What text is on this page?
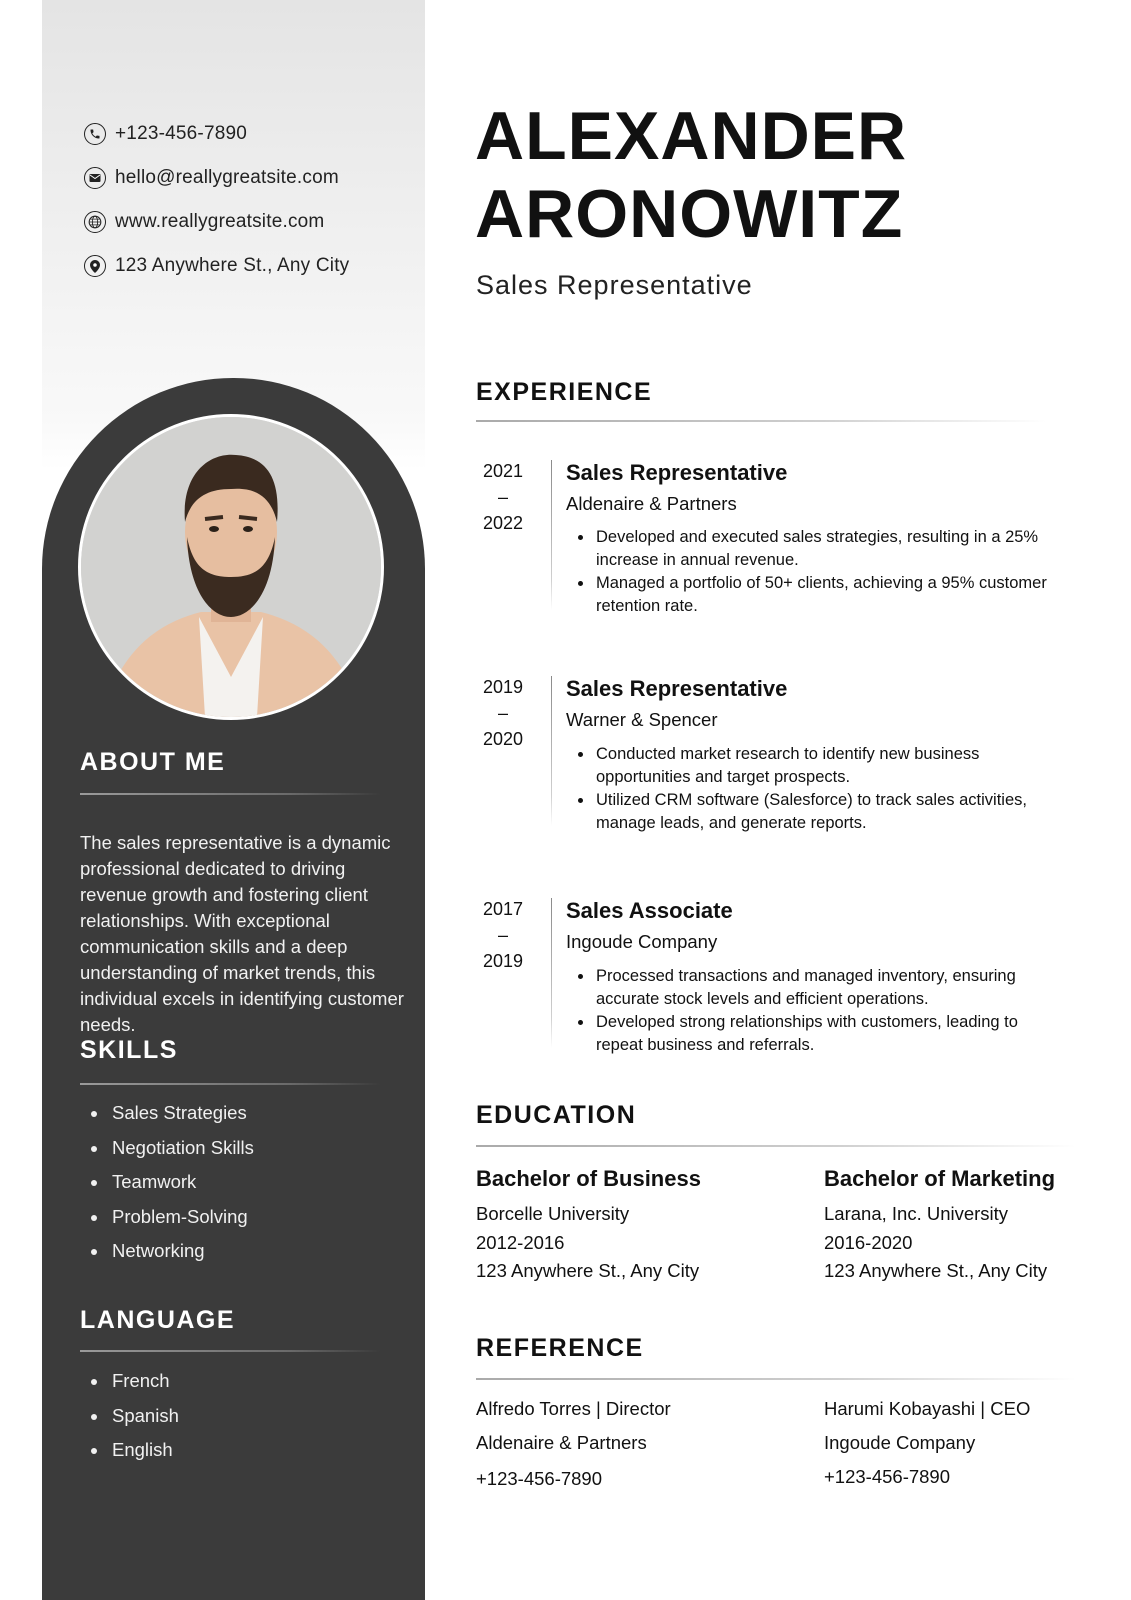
+123-456-7890
hello@reallygreatsite.com
www.reallygreatsite.com
123 Anywhere St., Any City
ABOUT ME
The sales representative is a dynamic professional dedicated to driving revenue growth and fostering client relationships. With exceptional communication skills and a deep understanding of market trends, this individual excels in identifying customer needs.
SKILLS
Sales Strategies
Negotiation Skills
Teamwork
Problem-Solving
Networking
LANGUAGE
French
Spanish
English
ALEXANDER
ARONOWITZ
Sales Representative
EXPERIENCE
2021
–
2022
Sales Representative
Aldenaire & Partners
Developed and executed sales strategies, resulting in a 25% increase in annual revenue.
Managed a portfolio of 50+ clients, achieving a 95% customer retention rate.
2019
–
2020
Sales Representative
Warner & Spencer
Conducted market research to identify new business opportunities and target prospects.
Utilized CRM software (Salesforce) to track sales activities, manage leads, and generate reports.
2017
–
2019
Sales Associate
Ingoude Company
Processed transactions and managed inventory, ensuring accurate stock levels and efficient operations.
Developed strong relationships with customers, leading to repeat business and referrals.
EDUCATION
Bachelor of Business
Borcelle University
2012-2016
123 Anywhere St., Any City
Bachelor of Marketing
Larana, Inc. University
2016-2020
123 Anywhere St., Any City
REFERENCE
Alfredo Torres | Director
Aldenaire & Partners
+123-456-7890
Harumi Kobayashi | CEO
Ingoude Company
+123-456-7890
